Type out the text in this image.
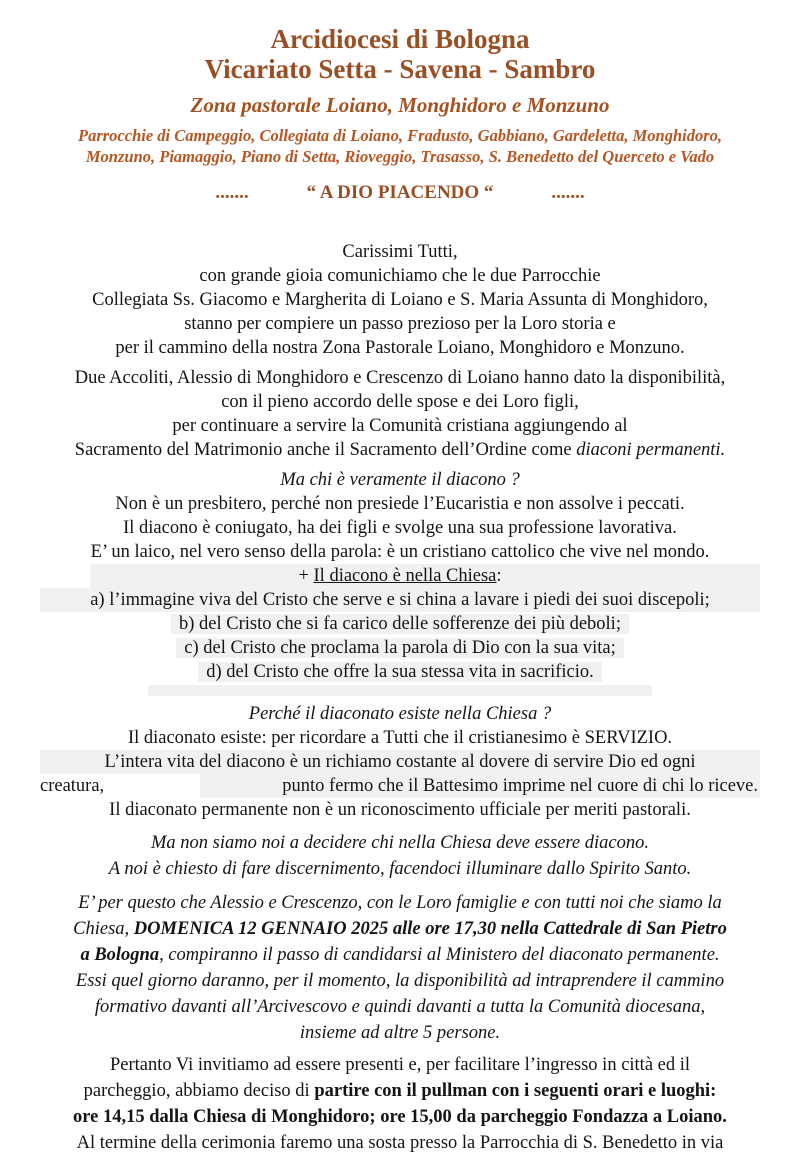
Arcidiocesi di Bologna
Vicariato Setta - Savena - Sambro
Zona pastorale Loiano, Monghidoro e Monzuno
Parrocchie di Campeggio, Collegiata di Loiano, Fradusto, Gabbiano, Gardeletta, Monghidoro, Monzuno, Piamaggio, Piano di Setta, Rioveggio, Trasasso, S. Benedetto del Querceto e Vado
.......	“ A DIO PIACENDO “	.......
Carissimi Tutti,
con grande gioia comunichiamo che le due Parrocchie
Collegiata Ss. Giacomo e Margherita di Loiano e S. Maria Assunta di Monghidoro,
stanno per compiere un passo prezioso per la Loro storia e
per il cammino della nostra Zona Pastorale Loiano, Monghidoro e Monzuno.
Due Accoliti, Alessio di Monghidoro e Crescenzo di Loiano hanno dato la disponibilità,
con il pieno accordo delle spose e dei Loro figli,
per continuare a servire la Comunità cristiana aggiungendo al
Sacramento del Matrimonio anche il Sacramento dell’Ordine come diaconi permanenti.
Ma chi è veramente il diacono ?
Non è un presbitero, perché non presiede l’Eucaristia e non assolve i peccati.
Il diacono è coniugato, ha dei figli e svolge una sua professione lavorativa.
E’ un laico, nel vero senso della parola: è un cristiano cattolico che vive nel mondo.
+ Il diacono è nella Chiesa:
a) l’immagine viva del Cristo che serve e si china a lavare i piedi dei suoi discepoli;
b) del Cristo che si fa carico delle sofferenze dei più deboli;
c) del Cristo che proclama la parola di Dio con la sua vita;
d) del Cristo che offre la sua stessa vita in sacrificio.
Perché il diaconato esiste nella Chiesa ?
Il diaconato esiste: per ricordare a Tutti che il cristianesimo è SERVIZIO.
L’intera vita del diacono è un richiamo costante al dovere di servire Dio ed ogni
creatura,	punto fermo che il Battesimo imprime nel cuore di chi lo riceve.
Il diaconato permanente non è un riconoscimento ufficiale per meriti pastorali.
Ma non siamo noi a decidere chi nella Chiesa deve essere diacono.
A noi è chiesto di fare discernimento, facendoci illuminare dallo Spirito Santo.
E’ per questo che Alessio e Crescenzo, con le Loro famiglie e con tutti noi che siamo la
Chiesa, DOMENICA 12 GENNAIO 2025 alle ore 17,30 nella Cattedrale di San Pietro
a Bologna, compiranno il passo di candidarsi al Ministero del diaconato permanente.
Essi quel giorno daranno, per il momento, la disponibilità ad intraprendere il cammino
formativo davanti all’Arcivescovo e quindi davanti a tutta la Comunità diocesana,
insieme ad altre 5 persone.
Pertanto Vi invitiamo ad essere presenti e, per facilitare l’ingresso in città ed il
parcheggio, abbiamo deciso di partire con il pullman con i seguenti orari e luoghi:
ore 14,15 dalla Chiesa di Monghidoro; ore 15,00 da parcheggio Fondazza a Loiano.
Al termine della cerimonia faremo una sosta presso la Parrocchia di S. Benedetto in via
